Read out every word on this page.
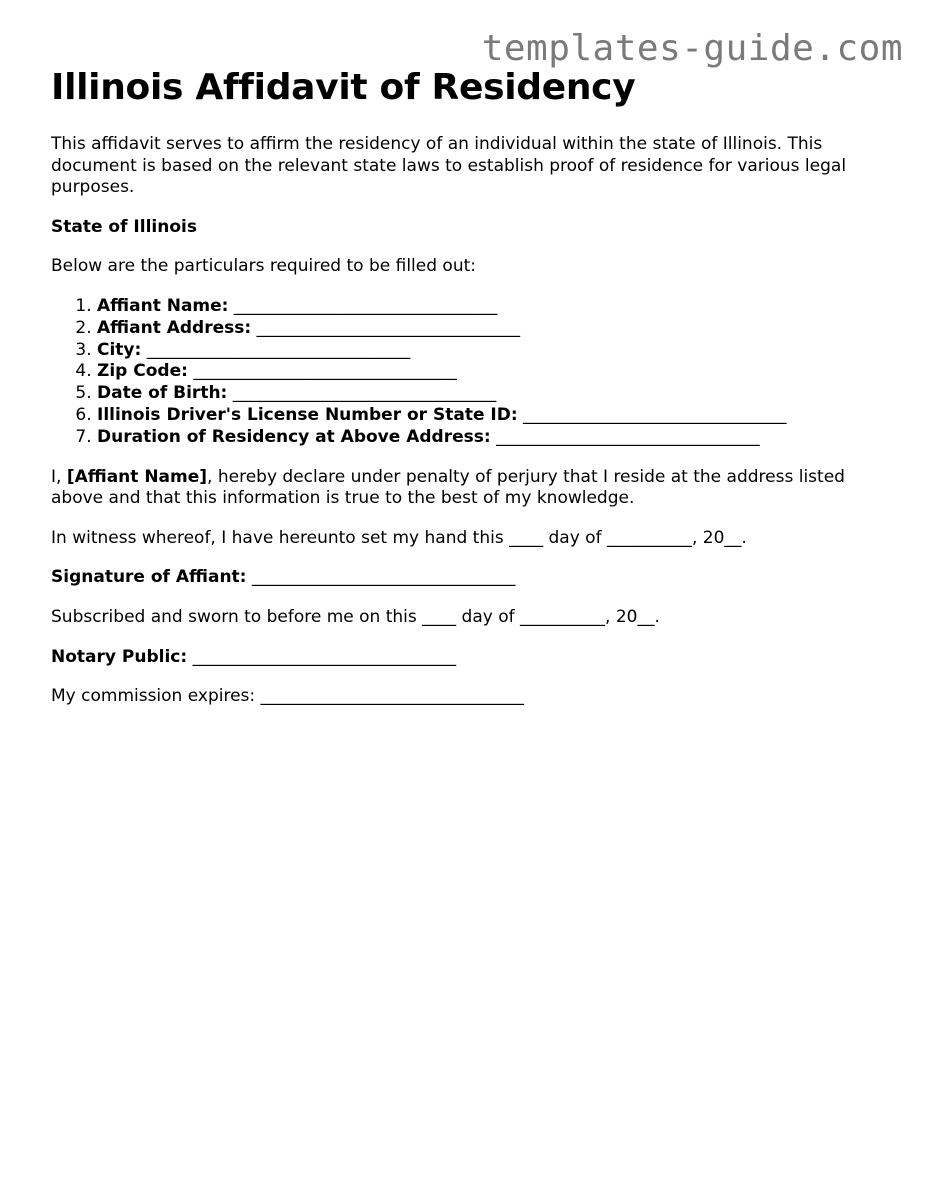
templates-guide.com
Illinois Affidavit of Residency

This affidavit serves to affirm the residency of an individual within the state of Illinois. This document is based on the relevant state laws to establish proof of residence for various legal purposes.

State of Illinois

Below are the particulars required to be filled out:

1. Affiant Name: _______________________________
2. Affiant Address: _______________________________
3. City: _______________________________
4. Zip Code: _______________________________
5. Date of Birth: _______________________________
6. Illinois Driver's License Number or State ID: _______________________________
7. Duration of Residency at Above Address: _______________________________

I, [Affiant Name], hereby declare under penalty of perjury that I reside at the address listed above and that this information is true to the best of my knowledge.

In witness whereof, I have hereunto set my hand this ____ day of __________, 20__.

Signature of Affiant: _______________________________

Subscribed and sworn to before me on this ____ day of __________, 20__.

Notary Public: _______________________________

My commission expires: _______________________________
